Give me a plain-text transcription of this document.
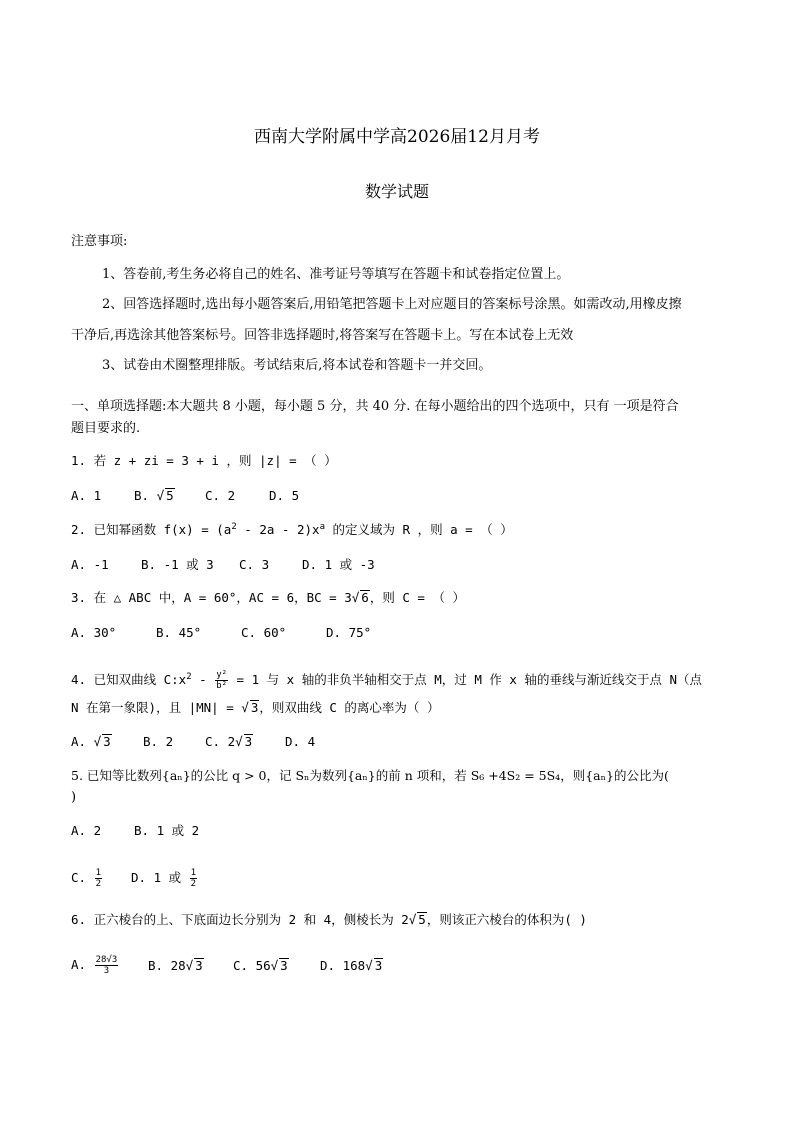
西南大学附属中学高2026届12月月考
数学试题
注意事项:
1、答卷前,考生务必将自己的姓名、准考证号等填写在答题卡和试卷指定位置上。
2、回答选择题时,选出每小题答案后,用铅笔把答题卡上对应题目的答案标号涂黑。如需改动,用橡皮擦
干净后,再选涂其他答案标号。回答非选择题时,将答案写在答题卡上。写在本试卷上无效
3、试卷由术圈整理排版。考试结束后,将本试卷和答题卡一并交回。
一、单项选择题:本大题共 8 小题，每小题 5 分，共 40 分. 在每小题给出的四个选项中，只有 一项是符合
题目要求的.
1. 若 z + zi = 3 + i ，则 |z| = （ ）
A. 1	B. √ 5	C. 2	D. 5
2. 已知幂函数 $f(x) = (a^2 - 2a - 2)x^a$ 的定义域为 R ，则 a = （ ）
A. -1	B. -1 或 3 C. 3	D. 1 或 -3
3. 在 △ ABC 中，A = 60°，AC = 6，BC = 3√ 6，则 C = （ ）
A. 30°	B. 45°	C. 60°	D. 75°
4. 已知双曲线 $C:x^2 - \frac{\text{y²}}{\text{b²}} = 1$ 与 x 轴的非负半轴相交于点 M，过 M 作 x 轴的垂线与渐近线交于点 N（点
N 在第一象限)，且 |MN| = √ 3，则双曲线 C 的离心率为（ ）
A. √ 3	B. 2	C. 2√ 3	D. 4
5. 已知等比数列{aₙ}的公比 q > 0，记 Sₙ为数列{aₙ}的前 n 项和，若 S₆ +4S₂ = 5S₄，则{aₙ}的公比为(
)
A. 2	B. 1 或 2
C. $\frac{1}{2} D$. 1 或 $\frac{1}{2}$
6. 正六棱台的上、下底面边长分别为 2 和 4，侧棱长为 2√ 5，则该正六棱台的体积为( )
A. $\frac{28√3}{3} B$. 28√ 3 C. 56√ 3	D. 168√ 3
